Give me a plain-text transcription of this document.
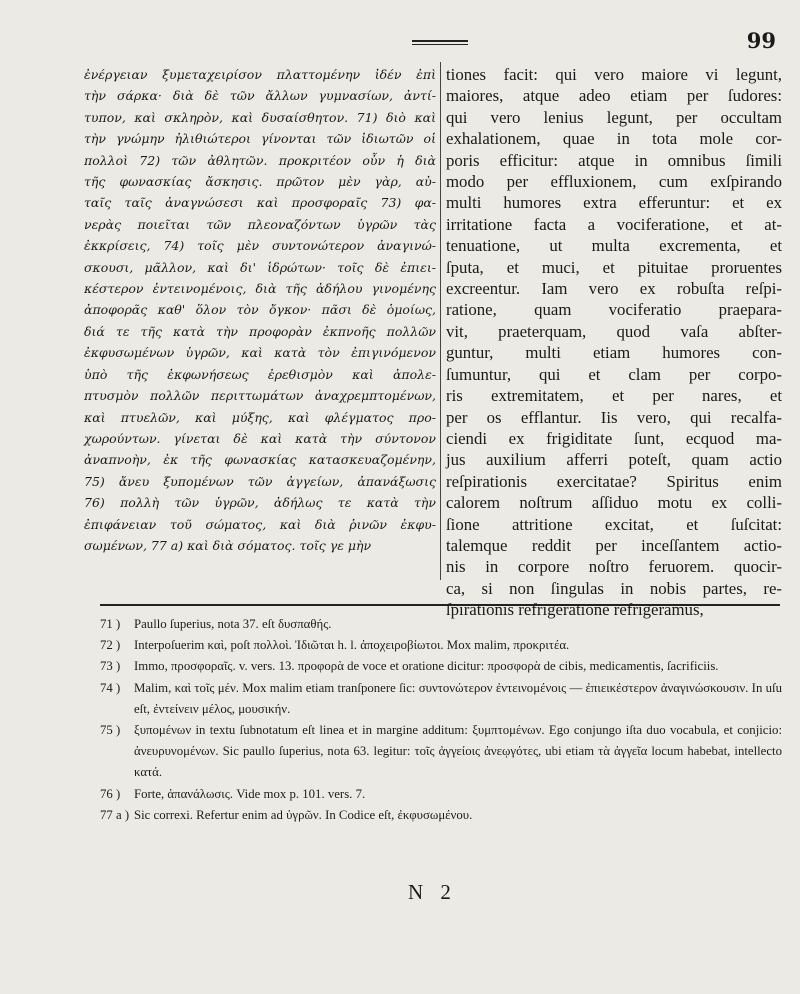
99
ἐνέργειαν ξυμεταχειρίσον πλαττομένην ἰδέν ἐπὶ
τὴν σάρκα· διὰ δὲ τῶν ἄλλων γυμνασίων, ἀντί-
τυπον, καὶ σκληρὸν, καὶ δυσαίσθητον. 71) διὸ καὶ
τὴν γνώμην ἠλιθιώτεροι γίνονται τῶν ἰδιωτῶν οἱ
πολλοὶ 72) τῶν ἀθλητῶν. προκριτέον οὖν ἡ διὰ
τῆς φωνασκίας ἄσκησις. πρῶτον μὲν γὰρ, αὐ-
ταῖς ταῖς ἀναγνώσεσι καὶ προσφοραῖς 73) φα-
νερὰς ποιεῖται τῶν πλεοναζόντων ὑγρῶν τὰς
ἐκκρίσεις, 74) τοῖς μὲν συντονώτερον ἀναγινώ-
σκουσι, μᾶλλον, καὶ δι' ἱδρώτων· τοῖς δὲ ἐπιει-
κέστερον ἐντεινομένοις, διὰ τῆς ἀδήλου γινομένης
ἀποφορᾶς καθ' ὅλον τὸν ὄγκον· πᾶσι δὲ ὁμοίως,
διά τε τῆς κατὰ τὴν προφορὰν ἐκπνοῆς πολλῶν
ἐκφυσωμένων ὑγρῶν, καὶ κατὰ τὸν ἐπιγινόμενον
ὑπὸ τῆς ἐκφωνήσεως ἐρεθισμὸν καὶ ἀπολε-
πτυσμὸν πολλῶν περιττωμάτων ἀναχρεμπτομένων,
καὶ πτυελῶν, καὶ μύξης, καὶ φλέγματος προ-
χωρούντων. γίνεται δὲ καὶ κατὰ τὴν σύντονον
ἀναπνοὴν, ἐκ τῆς φωνασκίας κατασκευαζομένην,
75) ἄνευ ξυπομένων τῶν ἀγγείων, ἀπανάξωσις
76) πολλὴ τῶν ὑγρῶν, ἀδήλως τε κατὰ τὴν
ἐπιφάνειαν τοῦ σώματος, καὶ διὰ ῥινῶν ἐκφυ-
σωμένων, 77 a) καὶ διὰ σόματος. τοῖς γε μὴν
tiones facit: qui vero maiore vi legunt,
maiores, atque adeo etiam per ſudores:
qui vero lenius legunt, per occultam
exhalationem, quae in tota mole cor-
poris efficitur: atque in omnibus ſimili
modo per effluxionem, cum exſpirando
multi humores extra efferuntur: et ex
irritatione facta a vociferatione, et at-
tenuatione, ut multa excrementa, et
ſputa, et muci, et pituitae proruentes
excreentur. Iam vero ex robuſta reſpi-
ratione, quam vociferatio praepara-
vit, praeterquam, quod vaſa abſter-
guntur, multi etiam humores con-
ſumuntur, qui et clam per corpo-
ris extremitatem, et per nares, et
per os efflantur. Iis vero, qui recalfa-
ciendi ex frigiditate ſunt, ecquod ma-
jus auxilium afferri poteſt, quam actio
reſpirationis exercitatae? Spiritus enim
calorem noſtrum aſſiduo motu ex colli-
ſione attritione excitat, et ſuſcitat:
talemque reddit per inceſſantem actio-
nis in corpore noſtro feruorem. quocir-
ca, si non ſingulas in nobis partes, re-
ſpirationis refrigeratione refrigeramus,
71 ) Paullo ſuperius, nota 37. eſt δυσπαθής.
72 ) Interpoſuerim καὶ, poſt πολλοὶ. Ἰδιῶται h. l. ἀποχειροβίωτοι. Mox malim, προκριτέα.
73 ) Immo, προσφοραῖς. v. vers. 13. προφορὰ de voce et oratione dicitur: προσφορὰ de cibis, medicamentis, ſacrificiis.
74 ) Malim, καὶ τοῖς μέν. Mox malim etiam tranſponere ſic: συντονώτερον ἐντεινομένοις — ἐπιεικέστερον ἀναγινώσκουσιν. In uſu eſt, ἐντείνειν μέλος, μουσικήν.
75 ) ξυπομένων in textu ſubnotatum eſt linea et in margine additum: ξυμπτομένων. Ego conjungo iſta duo vocabula, et conjicio: ἀνευρυνομένων. Sic paullo ſuperius, nota 63. legitur: τοῖς ἀγγείοις ἀνεῳγότες, ubi etiam τὰ ἀγγεῖα locum habebat, intellecto κατά.
76 ) Forte, ἀπανάλωσις. Vide mox p. 101. vers. 7.
77 a ) Sic correxi. Refertur enim ad ὑγρῶν. In Codice eſt, ἐκφυσωμένου.
N 2
